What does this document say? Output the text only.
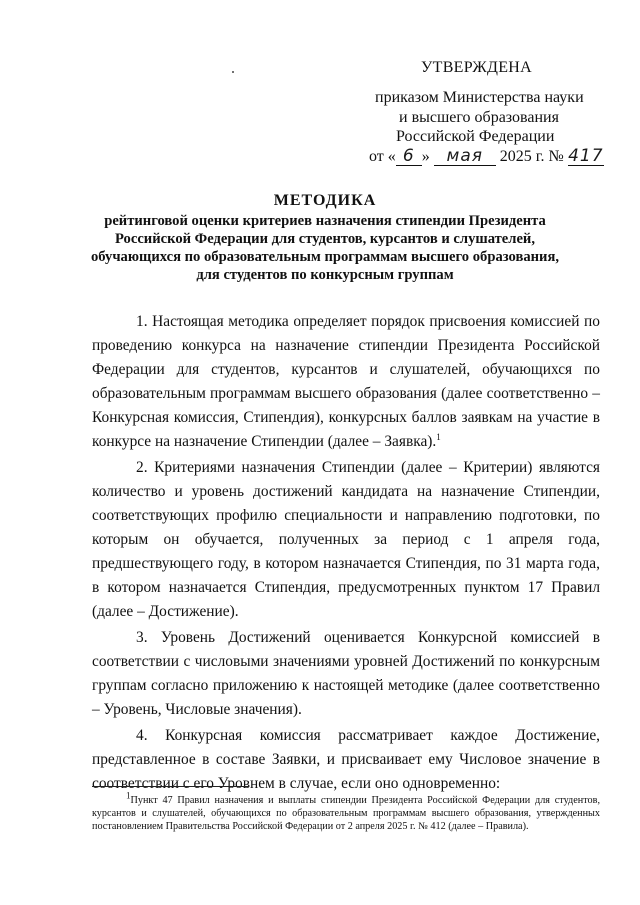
УТВЕРЖДЕНА
приказом Министерства науки
и высшего образования
Российской Федерации
от « 6 » мая 2025 г. № 417
МЕТОДИКА
рейтинговой оценки критериев назначения стипендии Президента
Российской Федерации для студентов, курсантов и слушателей,
обучающихся по образовательным программам высшего образования,
для студентов по конкурсным группам

1. Настоящая методика определяет порядок присвоения комиссией по проведению конкурса на назначение стипендии Президента Российской Федерации для студентов, курсантов и слушателей, обучающихся по образовательным программам высшего образования (далее соответственно – Конкурсная комиссия, Стипендия), конкурсных баллов заявкам на участие в конкурсе на назначение Стипендии (далее – Заявка).$^1$

2. Критериями назначения Стипендии (далее – Критерии) являются количество и уровень достижений кандидата на назначение Стипендии, соответствующих профилю специальности и направлению подготовки, по которым он обучается, полученных за период с 1 апреля года, предшествующего году, в котором назначается Стипендия, по 31 марта года, в котором назначается Стипендия, предусмотренных пунктом 17 Правил (далее – Достижение).

3. Уровень Достижений оценивается Конкурсной комиссией в соответствии с числовыми значениями уровней Достижений по конкурсным группам согласно приложению к настоящей методике (далее соответственно – Уровень, Числовые значения).

4. Конкурсная комиссия рассматривает каждое Достижение, представленное в составе Заявки, и присваивает ему Числовое значение в соответствии с его Уровнем в случае, если оно одновременно:

$^1$Пункт 47 Правил назначения и выплаты стипендии Президента Российской Федерации для студентов, курсантов и слушателей, обучающихся по образовательным программам высшего образования, утвержденных постановлением Правительства Российской Федерации от 2 апреля 2025 г. № 412 (далее – Правила).
